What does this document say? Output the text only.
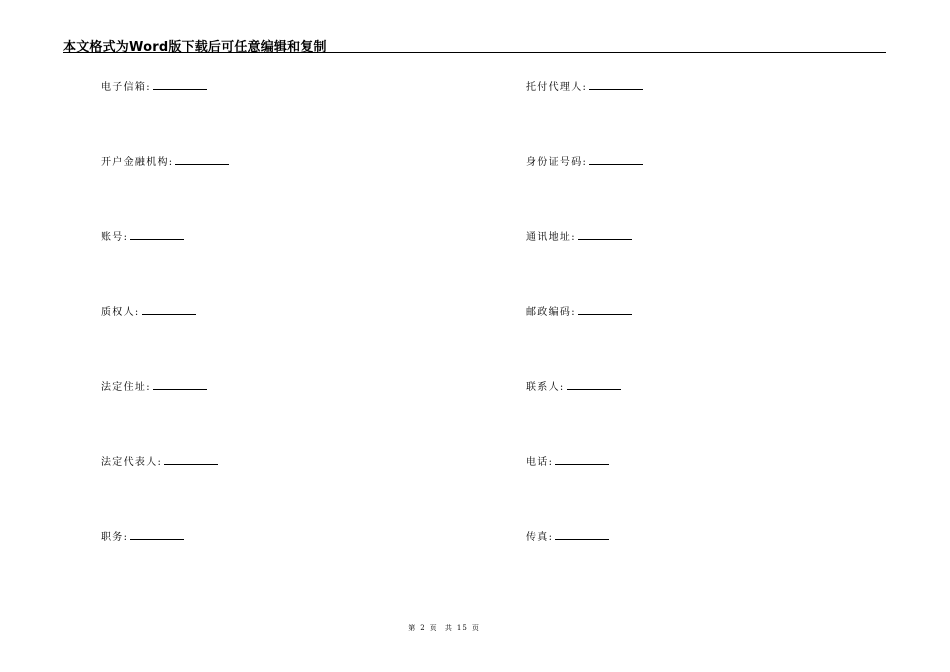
本文格式为Word版下载后可任意编辑和复制
电子信箱:
开户金融机构:
账号:
质权人:
法定住址:
法定代表人:
职务:
托付代理人:
身份证号码:
通讯地址:
邮政编码:
联系人:
电话:
传真:
第 2 页 共 15 页
